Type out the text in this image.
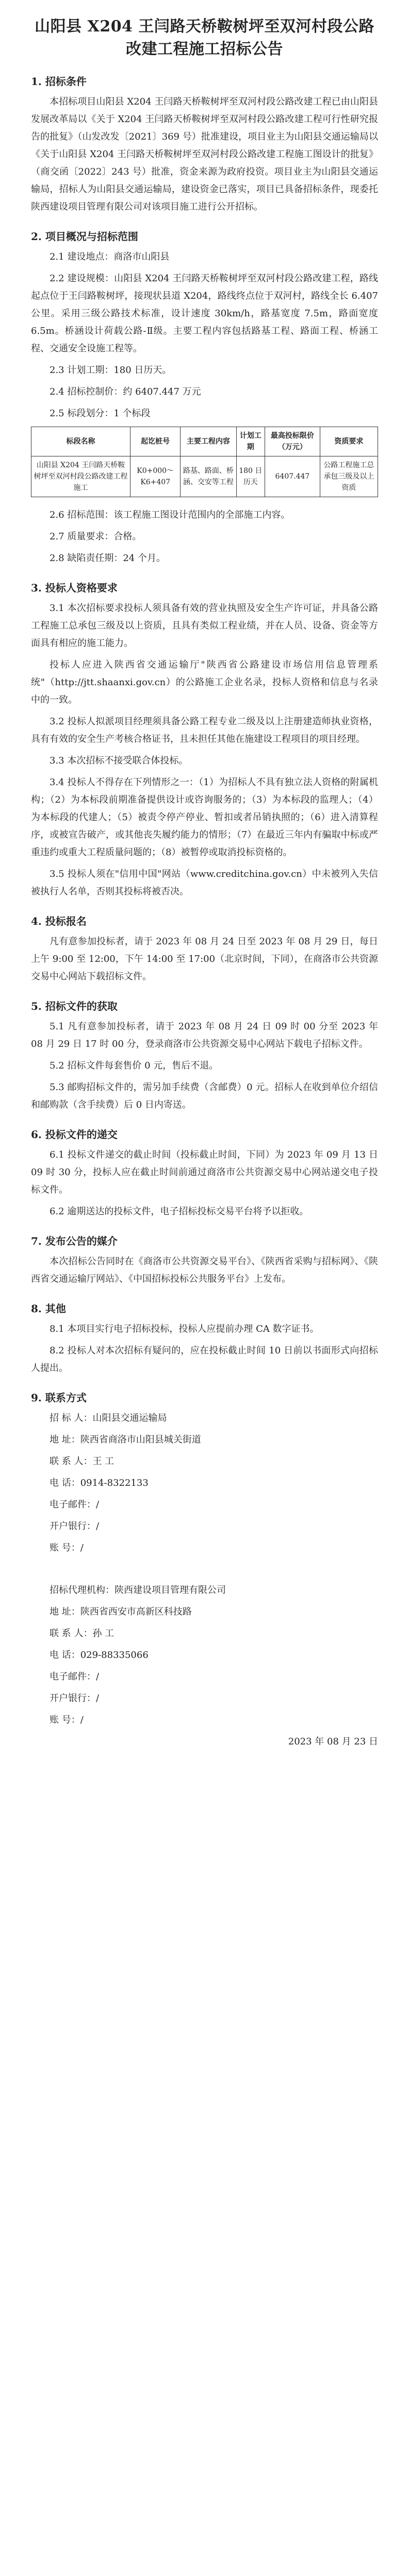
山阳县 X204 王闫路天桥鞍树坪至双河村段公路改建工程施工招标公告
1. 招标条件

本招标项目山阳县 X204 王闫路天桥鞍树坪至双河村段公路改建工程已由山阳县发展改革局以《关于 X204 王闫路天桥鞍树坪至双河村段公路改建工程可行性研究报告的批复》（山发改发〔2021〕369 号）批准建设，项目业主为山阳县交通运输局以《关于山阳县 X204 王闫路天桥鞍树坪至双河村段公路改建工程施工图设计的批复》（商交函〔2022〕243 号）批准，资金来源为政府投资。项目业主为山阳县交通运输局，招标人为山阳县交通运输局，建设资金已落实，项目已具备招标条件，现委托陕西建设项目管理有限公司对该项目施工进行公开招标。

2. 项目概况与招标范围

2.1 建设地点：商洛市山阳县

2.2 建设规模：山阳县 X204 王闫路天桥鞍树坪至双河村段公路改建工程，路线起点位于王闫路鞍树坪，接现状县道 X204，路线终点位于双河村，路线全长 6.407 公里。采用三级公路技术标准，设计速度 30km/h，路基宽度 7.5m，路面宽度 6.5m。桥涵设计荷载公路-Ⅱ级。主要工程内容包括路基工程、路面工程、桥涵工程、交通安全设施工程等。

2.3 计划工期：180 日历天。

2.4 招标控制价：约 6407.447 万元

2.5 标段划分：1 个标段

标段名称	起讫桩号	主要工程内容	计划工期	最高投标限价（万元）	资质要求
山阳县 X204 王闫路天桥鞍树坪至双河村段公路改建工程施工	K0+000～K6+407	路基、路面、桥涵、交安等工程	180 日历天	6407.447	公路工程施工总承包三级及以上资质

2.6 招标范围：该工程施工图设计范围内的全部施工内容。

2.7 质量要求：合格。

2.8 缺陷责任期：24 个月。

3. 投标人资格要求

3.1 本次招标要求投标人须具备有效的营业执照及安全生产许可证，并具备公路工程施工总承包三级及以上资质，且具有类似工程业绩，并在人员、设备、资金等方面具有相应的施工能力。

投标人应进入陕西省交通运输厅"陕西省公路建设市场信用信息管理系统"（http://jtt.shaanxi.gov.cn）的公路施工企业名录，投标人资格和信息与名录中的一致。

3.2 投标人拟派项目经理须具备公路工程专业二级及以上注册建造师执业资格，具有有效的安全生产考核合格证书，且未担任其他在施建设工程项目的项目经理。

3.3 本次招标不接受联合体投标。

3.4 投标人不得存在下列情形之一：（1）为招标人不具有独立法人资格的附属机构；（2）为本标段前期准备提供设计或咨询服务的；（3）为本标段的监理人；（4）为本标段的代建人；（5）被责令停产停业、暂扣或者吊销执照的；（6）进入清算程序，或被宣告破产，或其他丧失履约能力的情形；（7）在最近三年内有骗取中标或严重违约或重大工程质量问题的；（8）被暂停或取消投标资格的。

3.5 投标人须在"信用中国"网站（www.creditchina.gov.cn）中未被列入失信被执行人名单，否则其投标将被否决。

4. 投标报名

凡有意参加投标者，请于 2023 年 08 月 24 日至 2023 年 08 月 29 日，每日上午 9:00 至 12:00，下午 14:00 至 17:00（北京时间，下同），在商洛市公共资源交易中心网站下载招标文件。

5. 招标文件的获取

5.1 凡有意参加投标者，请于 2023 年 08 月 24 日 09 时 00 分至 2023 年 08 月 29 日 17 时 00 分，登录商洛市公共资源交易中心网站下载电子招标文件。

5.2 招标文件每套售价 0 元，售后不退。

5.3 邮购招标文件的，需另加手续费（含邮费）0 元。招标人在收到单位介绍信和邮购款（含手续费）后 0 日内寄送。

6. 投标文件的递交

6.1 投标文件递交的截止时间（投标截止时间，下同）为 2023 年 09 月 13 日 09 时 30 分，投标人应在截止时间前通过商洛市公共资源交易中心网站递交电子投标文件。

6.2 逾期送达的投标文件，电子招标投标交易平台将予以拒收。

7. 发布公告的媒介

本次招标公告同时在《商洛市公共资源交易平台》、《陕西省采购与招标网》、《陕西省交通运输厅网站》、《中国招标投标公共服务平台》上发布。

8. 其他

8.1 本项目实行电子招标投标，投标人应提前办理 CA 数字证书。

8.2 投标人对本次招标有疑问的，应在投标截止时间 10 日前以书面形式向招标人提出。

9. 联系方式

招 标 人：山阳县交通运输局

地 址：陕西省商洛市山阳县城关街道

联 系 人：王 工

电 话：0914-8322133

电子邮件：/

开户银行：/

账 号：/

招标代理机构：陕西建设项目管理有限公司

地 址：陕西省西安市高新区科技路

联 系 人：孙 工

电 话：029-88335066

电子邮件：/

开户银行：/

账 号：/

2023 年 08 月 23 日
